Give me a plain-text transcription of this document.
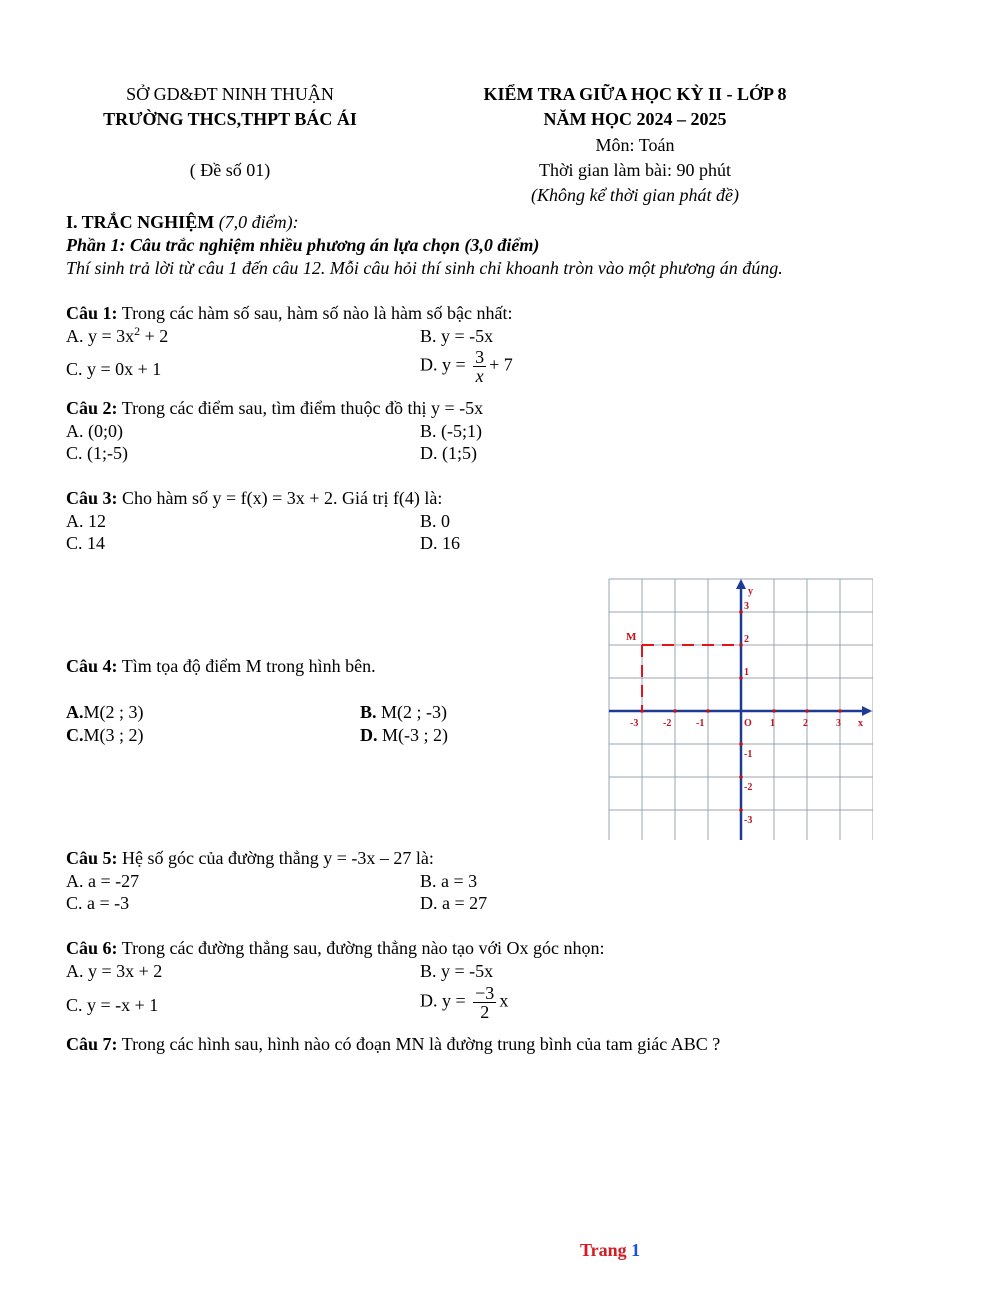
SỞ GD&ĐT NINH THUẬN
TRƯỜNG THCS,THPT BÁC ÁI
( Đề số 01)
KIỂM TRA GIỮA HỌC KỲ II - LỚP 8
NĂM HỌC 2024 – 2025
Môn: Toán
Thời gian làm bài: 90 phút
(Không kể thời gian phát đề)
I. TRẮC NGHIỆM (7,0 điểm):
Phần 1: Câu trắc nghiệm nhiều phương án lựa chọn (3,0 điểm)
Thí sinh trả lời từ câu 1 đến câu 12. Mỗi câu hỏi thí sinh chỉ khoanh tròn vào một phương án đúng.
Câu 1: Trong các hàm số sau, hàm số nào là hàm số bậc nhất:
A. $y = 3x^2 + 2$	B. y = -5x
C. y = 0x + 1	D. $y = \frac{3}{x} + 7$
Câu 2: Trong các điểm sau, tìm điểm thuộc đồ thị y = -5x
A. (0;0)	B. (-5;1)
C. (1;-5)	D. (1;5)
Câu 3: Cho hàm số y = f(x) = 3x + 2. Giá trị f(4) là:
A. 12	B. 0
C. 14	D. 16
Câu 4: Tìm tọa độ điểm M trong hình bên.
A.M(2 ; 3)	B. M(2 ; -3)
C.M(3 ; 2)	D. M(-3 ; 2)
x
y
O
-3 -2 -1	1	2	3
3
2
1
-1
-2
-3
M
Câu 5: Hệ số góc của đường thẳng y = -3x – 27 là:
A. a = -27	B. a = 3
C. a = -3	D. a = 27
Câu 6: Trong các đường thẳng sau, đường thẳng nào tạo với Ox góc nhọn:
A. y = 3x + 2	B. y = -5x
C. y = -x + 1	D. $y = \frac{-3}{2}$ x
Câu 7: Trong các hình sau, hình nào có đoạn MN là đường trung bình của tam giác ABC ?
Trang 1
